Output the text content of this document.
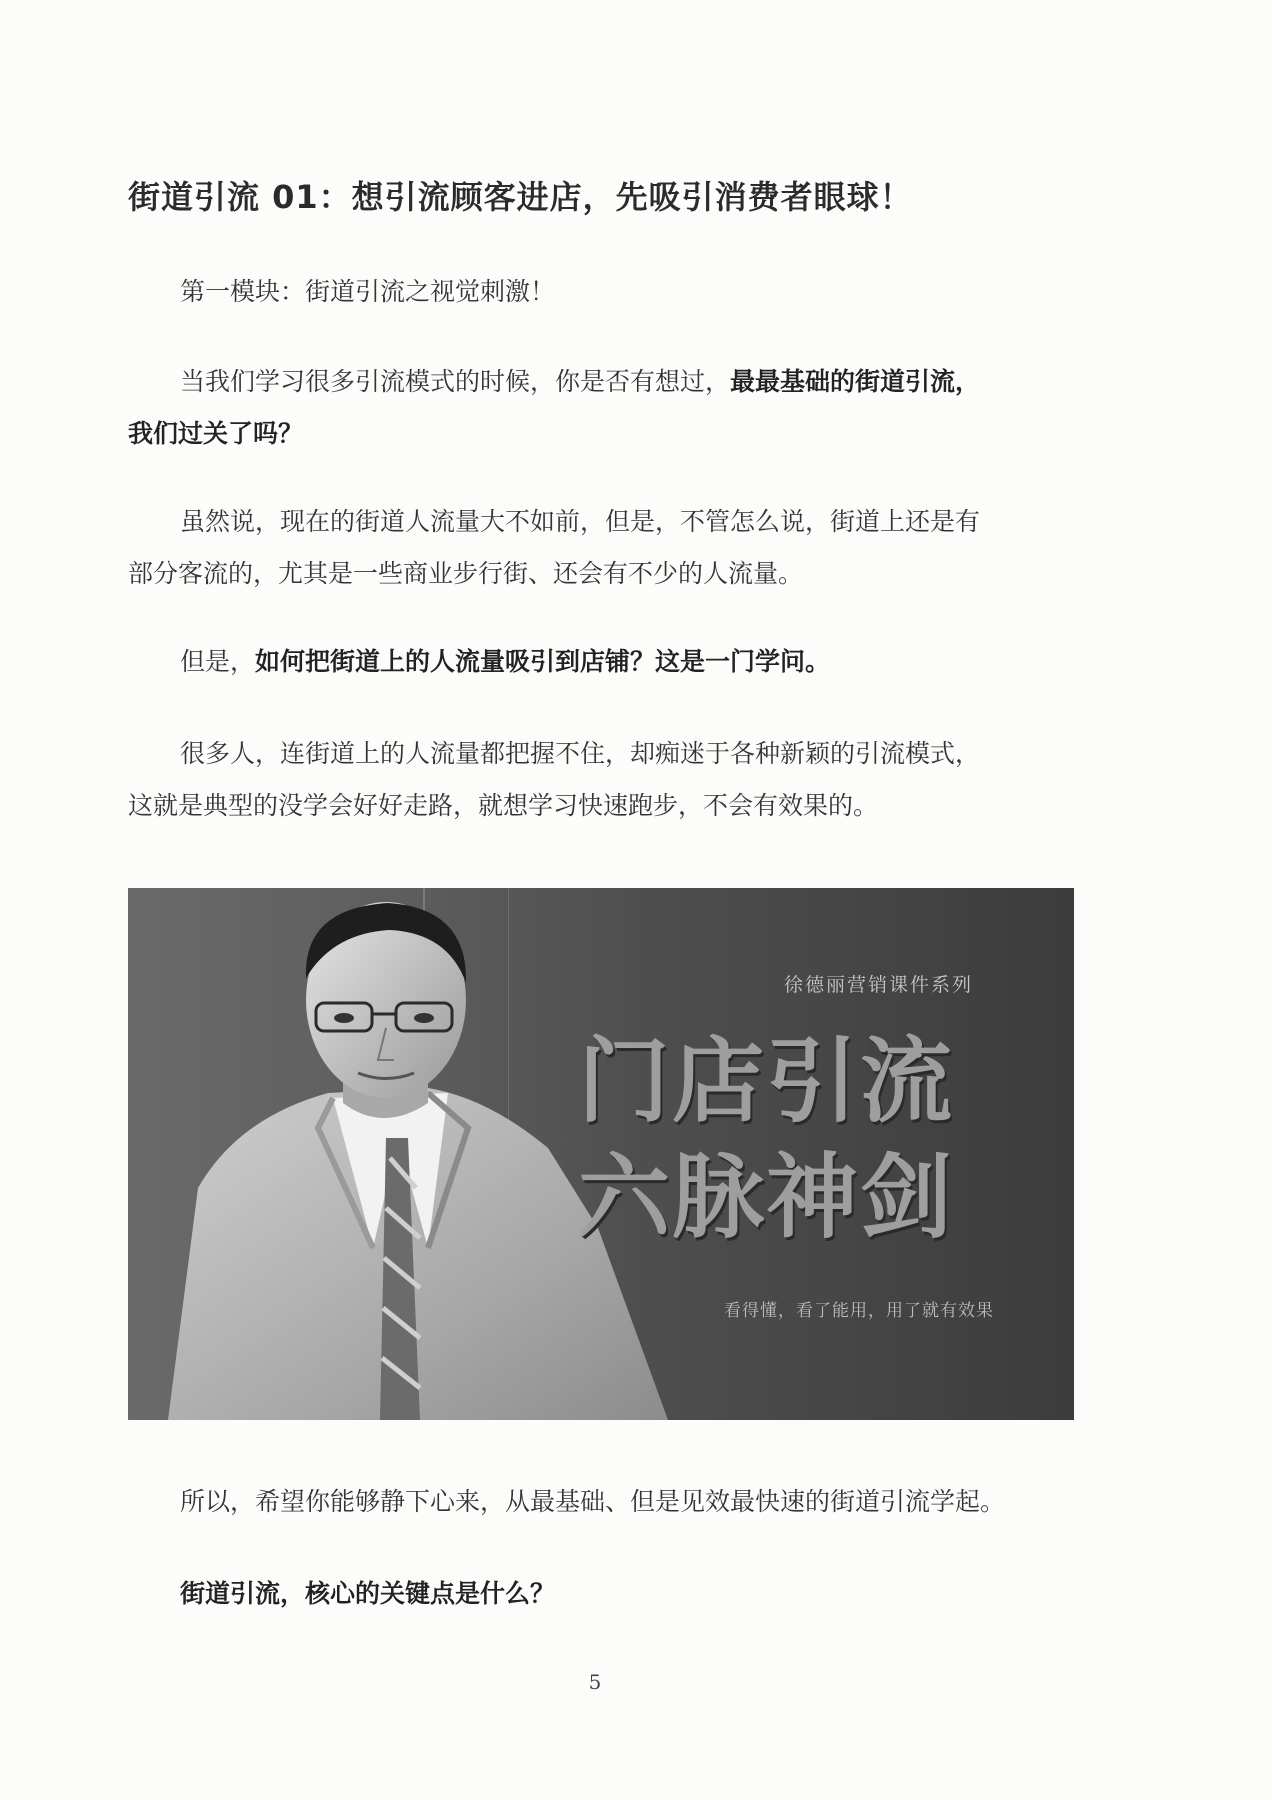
街道引流 01：想引流顾客进店，先吸引消费者眼球！

第一模块：街道引流之视觉刺激！

当我们学习很多引流模式的时候，你是否有想过，最最基础的街道引流，
我们过关了吗？

虽然说，现在的街道人流量大不如前，但是，不管怎么说，街道上还是有
部分客流的，尤其是一些商业步行街、还会有不少的人流量。

但是，如何把街道上的人流量吸引到店铺？这是一门学问。

很多人，连街道上的人流量都把握不住，却痴迷于各种新颖的引流模式，
这就是典型的没学会好好走路，就想学习快速跑步，不会有效果的。

徐德丽营销课件系列
门店引流
六脉神剑
看得懂，看了能用，用了就有效果

所以，希望你能够静下心来，从最基础、但是见效最快速的街道引流学起。

街道引流，核心的关键点是什么？

5
